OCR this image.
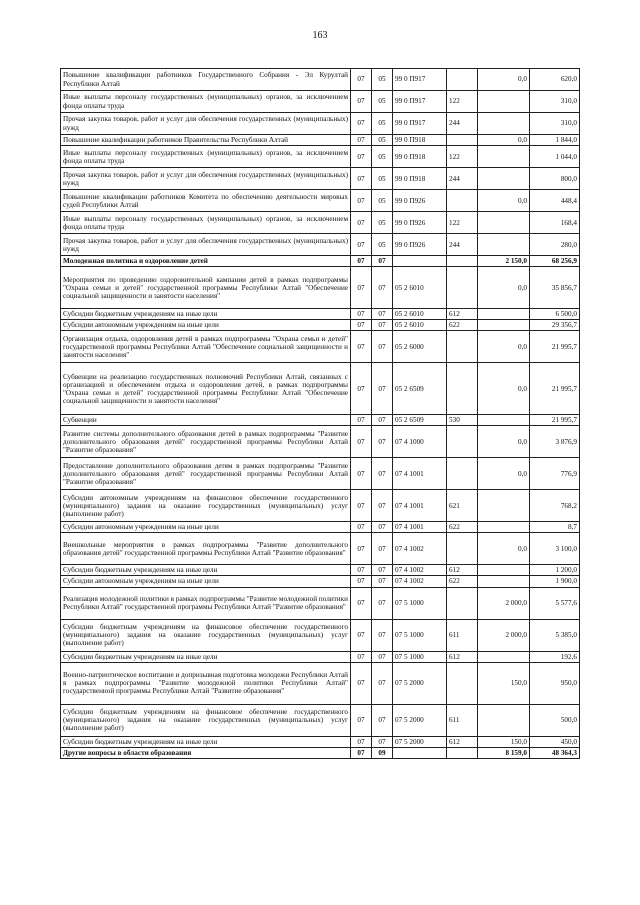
163
Повышение квалификации работников Государственного Собрания - Эл Курултай Республики Алтай	07	05	99 0 П917		0,0	620,0
Иные выплаты персоналу государственных (муниципальных) органов, за исключением фонда оплаты труда	07	05	99 0 П917	122		310,0
Прочая закупка товаров, работ и услуг для обеспечения государственных (муниципальных) нужд	07	05	99 0 П917	244		310,0
Повышение квалификации работников Правительства Республики Алтай	07	05	99 0 П918		0,0	1 844,0
Иные выплаты персоналу государственных (муниципальных) органов, за исключением фонда оплаты труда	07	05	99 0 П918	122		1 044,0
Прочая закупка товаров, работ и услуг для обеспечения государственных (муниципальных) нужд	07	05	99 0 П918	244		800,0
Повышение квалификации работников Комитета по обеспечению деятельности мировых судей Республики Алтай	07	05	99 0 П926		0,0	448,4
Иные выплаты персоналу государственных (муниципальных) органов, за исключением фонда оплаты труда	07	05	99 0 П926	122		168,4
Прочая закупка товаров, работ и услуг для обеспечения государственных (муниципальных) нужд	07	05	99 0 П926	244		280,0
Молодежная политика и оздоровление детей	07	07			2 150,0	68 256,9
Мероприятия по проведению оздоровительной кампании детей в рамках подпрограммы "Охрана семьи и детей" государственной программы Республики Алтай "Обеспечение социальной защищенности и занятости населения"	07	07	05 2 6010		0,0	35 856,7
Субсидии бюджетным учреждениям на иные цели	07	07	05 2 6010	612		6 500,0
Субсидии автономным учреждениям на иные цели	07	07	05 2 6010	622		29 356,7
Организация отдыха, оздоровления детей в рамках подпрограммы "Охрана семьи и детей" государственной программы Республики Алтай "Обеспечение социальной защищенности и занятости населения"	07	07	05 2 6000		0,0	21 995,7
Субвенции на реализацию государственных полномочий Республики Алтай, связанных с организацией и обеспечением отдыха и оздоровления детей, в рамках подпрограммы "Охрана семьи и детей" государственной программы Республики Алтай "Обеспечение социальной защищенности и занятости населения"	07	07	05 2 6509		0,0	21 995,7
Субвенции	07	07	05 2 6509	530		21 995,7
Развитие системы дополнительного образования детей в рамках подпрограммы "Развитие дополнительного образования детей" государственной программы Республики Алтай "Развитие образования"	07	07	07 4 1000		0,0	3 876,9
Предоставление дополнительного образования детям в рамках подпрограммы "Развитие дополнительного образования детей" государственной программы Республики Алтай "Развитие образования"	07	07	07 4 1001		0,0	776,9
Субсидии автономным учреждениям на финансовое обеспечение государственного (муниципального) задания на оказание государственных (муниципальных) услуг (выполнение работ)	07	07	07 4 1001	621		768,2
Субсидии автономным учреждениям на иные цели	07	07	07 4 1001	622		8,7
Внешкольные мероприятия в рамках подпрограммы "Развитие дополнительного образования детей" государственной программы Республики Алтай "Развитие образования"	07	07	07 4 1002		0,0	3 100,0
Субсидии бюджетным учреждениям на иные цели	07	07	07 4 1002	612		1 200,0
Субсидии автономным учреждениям на иные цели	07	07	07 4 1002	622		1 900,0
Реализация молодежной политики в рамках подпрограммы "Развитие молодежной политики Республики Алтай" государственной программы Республики Алтай "Развитие образования"	07	07	07 5 1000		2 000,0	5 577,6
Субсидии бюджетным учреждениям на финансовое обеспечение государственного (муниципального) задания на оказание государственных (муниципальных) услуг (выполнение работ)	07	07	07 5 1000	611	2 000,0	5 385,0
Субсидии бюджетным учреждениям на иные цели	07	07	07 5 1000	612		192,6
Военно-патриотическое воспитание и допризывная подготовка молодежи Республики Алтай в рамках подпрограммы "Развитие молодежной политики Республики Алтай" государственной программы Республики Алтай "Развитие образования"	07	07	07 5 2000		150,0	950,0
Субсидии бюджетным учреждениям на финансовое обеспечение государственного (муниципального) задания на оказание государственных (муниципальных) услуг (выполнение работ)	07	07	07 5 2000	611		500,0
Субсидии бюджетным учреждениям на иные цели	07	07	07 5 2000	612	150,0	450,0
Другие вопросы в области образования	07	09			8 159,0	48 364,3
